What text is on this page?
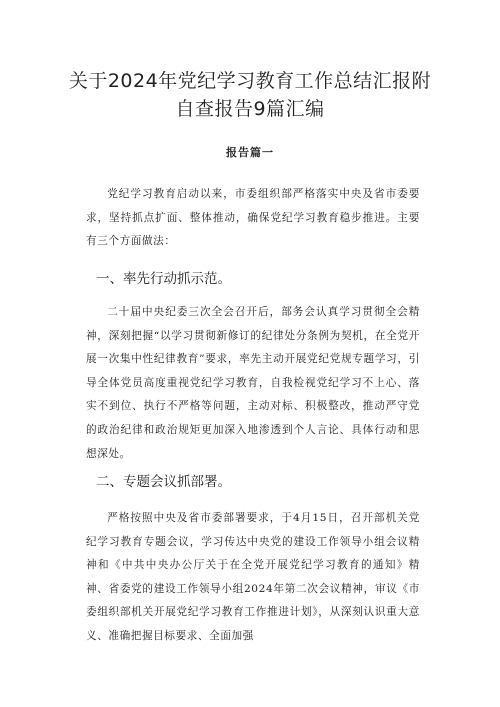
关于2024年党纪学习教育工作总结汇报附
自查报告9篇汇编
报告篇一

党纪学习教育启动以来，市委组织部严格落实中央及省市委要求，坚持抓点扩面、整体推动，确保党纪学习教育稳步推进。主要有三个方面做法：

一、率先行动抓示范。

二十届中央纪委三次全会召开后，部务会认真学习贯彻全会精神，深刻把握“以学习贯彻新修订的纪律处分条例为契机，在全党开展一次集中性纪律教育”要求，率先主动开展党纪党规专题学习，引导全体党员高度重视党纪学习教育，自我检视党纪学习不上心、落实不到位、执行不严格等问题，主动对标、积极整改，推动严守党的政治纪律和政治规矩更加深入地渗透到个人言论、具体行动和思想深处。

二、专题会议抓部署。

严格按照中央及省市委部署要求，于4月15日，召开部机关党纪学习教育专题会议，学习传达中央党的建设工作领导小组会议精神和《中共中央办公厅关于在全党开展党纪学习教育的通知》精神、省委党的建设工作领导小组2024年第二次会议精神，审议《市委组织部机关开展党纪学习教育工作推进计划》，从深刻认识重大意义、准确把握目标要求、全面加强
